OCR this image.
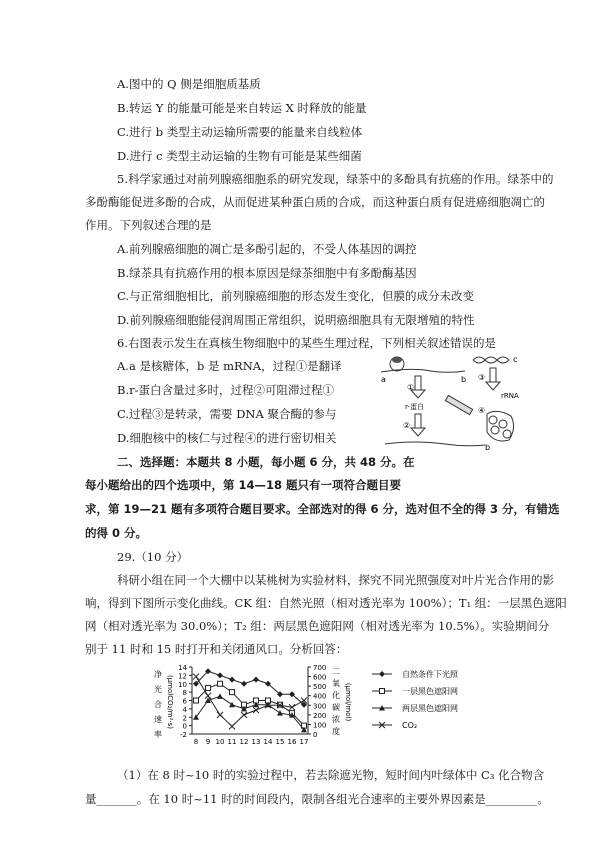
A.图中的 Q 侧是细胞质基质
B.转运 Y 的能量可能是来自转运 X 时释放的能量
C.进行 b 类型主动运输所需要的能量来自线粒体
D.进行 c 类型主动运输的生物有可能是某些细菌
5.科学家通过对前列腺癌细胞系的研究发现，绿茶中的多酚具有抗癌的作用。绿茶中的
多酚酶能促进多酚的合成，从而促进某种蛋白质的合成，而这种蛋白质有促进癌细胞凋亡的
作用。下列叙述合理的是
A.前列腺癌细胞的凋亡是多酚引起的，不受人体基因的调控
B.绿茶具有抗癌作用的根本原因是绿茶细胞中有多酚酶基因
C.与正常细胞相比，前列腺癌细胞的形态发生变化，但膜的成分未改变
D.前列腺癌细胞能侵润周围正常组织，说明癌细胞具有无限增殖的特性
6.右图表示发生在真核生物细胞中的某些生理过程，下列相关叙述错误的是
A.a 是核糖体，b 是 mRNA，过程①是翻译
B.r-蛋白含量过多时，过程②可阻滞过程①
C.过程③是转录，需要 DNA 聚合酶的参与
D.细胞核中的核仁与过程④的进行密切相关
a	b
①
r-蛋白
②
b
c
③
rRNA
④
二、选择题：本题共 8 小题，每小题 6 分，共 48 分。在
每小题给出的四个选项中，第 14—18 题只有一项符合题目要
求，第 19—21 题有多项符合题目要求。全部选对的得 6 分，选对但不全的得 3 分，有错选
的得 0 分。
29.（10 分）
科研小组在同一个大棚中以某桃树为实验材料，探究不同光照强度对叶片光合作用的影
响，得到下图所示变化曲线。CK 组：自然光照（相对透光率为 100%）；T₁ 组：一层黑色遮阳
网（相对透光率为 30.0%）；T₂ 组：两层黑色遮阳网（相对透光率为 10.5%）。实验期间分
别于 11 时和 15 时打开和关闭通风口。分析回答：
净
光
合
速
率
(μmolCO₂/m²·s)
-2
0
2
4
6
8
10
12
14
0
100
200
300
400
500
600
700 二
氧
化
碳
浓
度
(μmol/mol)
8 9 10 11 12 13 14 15 16 17
自然条件下光照
一层黑色遮阳网
两层黑色遮阳网
CO₂
（1）在 8 时~10 时的实验过程中，若去除遮光物，短时间内叶绿体中 C₃ 化合物含
量_______。在 10 时~11 时的时间段内，限制各组光合速率的主要外界因素是_________。
